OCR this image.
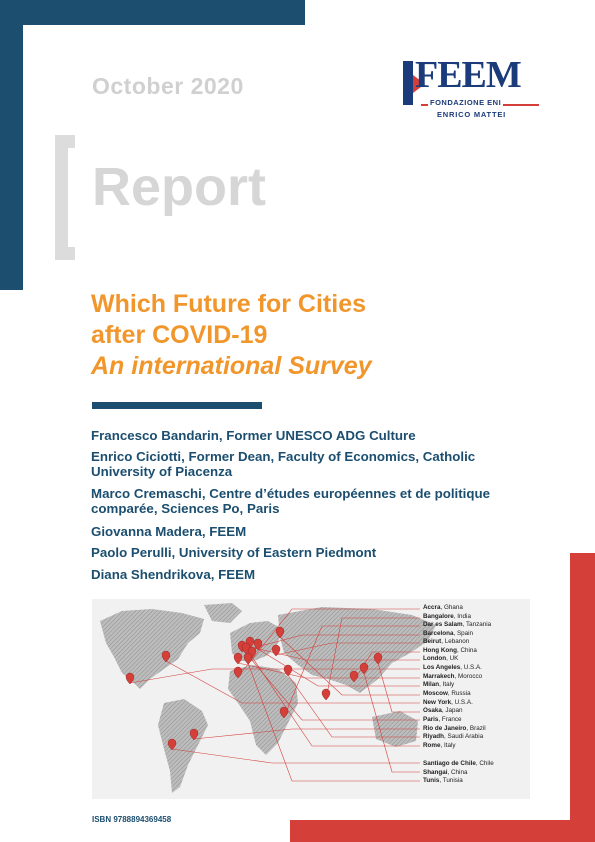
October 2020
Report
FEEM
FONDAZIONE ENI
ENRICO MATTEI
Which Future for Cities
after COVID-19
An international Survey
Francesco Bandarin, Former UNESCO ADG Culture
Enrico Ciciotti, Former Dean, Faculty of Economics, Catholic University of Piacenza
Marco Cremaschi, Centre d’études européennes et de politique comparée, Sciences Po, Paris
Giovanna Madera, FEEM
Paolo Perulli, University of Eastern Piedmont
Diana Shendrikova, FEEM
Accra, Ghana
Bangalore, India
Dar es Salam, Tanzania
Barcelona, Spain
Beirut, Lebanon
Hong Kong, China
London, UK
Los Angeles, U.S.A.
Marrakech, Morocco
Milan, Italy
Moscow, Russia
New York, U.S.A.
Osaka, Japan
Paris, France
Rio de Janeiro, Brazil
Riyadh, Saudi Arabia
Rome, Italy
Santiago de Chile, Chile
Shangai, China
Tunis, Tunisia
ISBN 9788894369458
